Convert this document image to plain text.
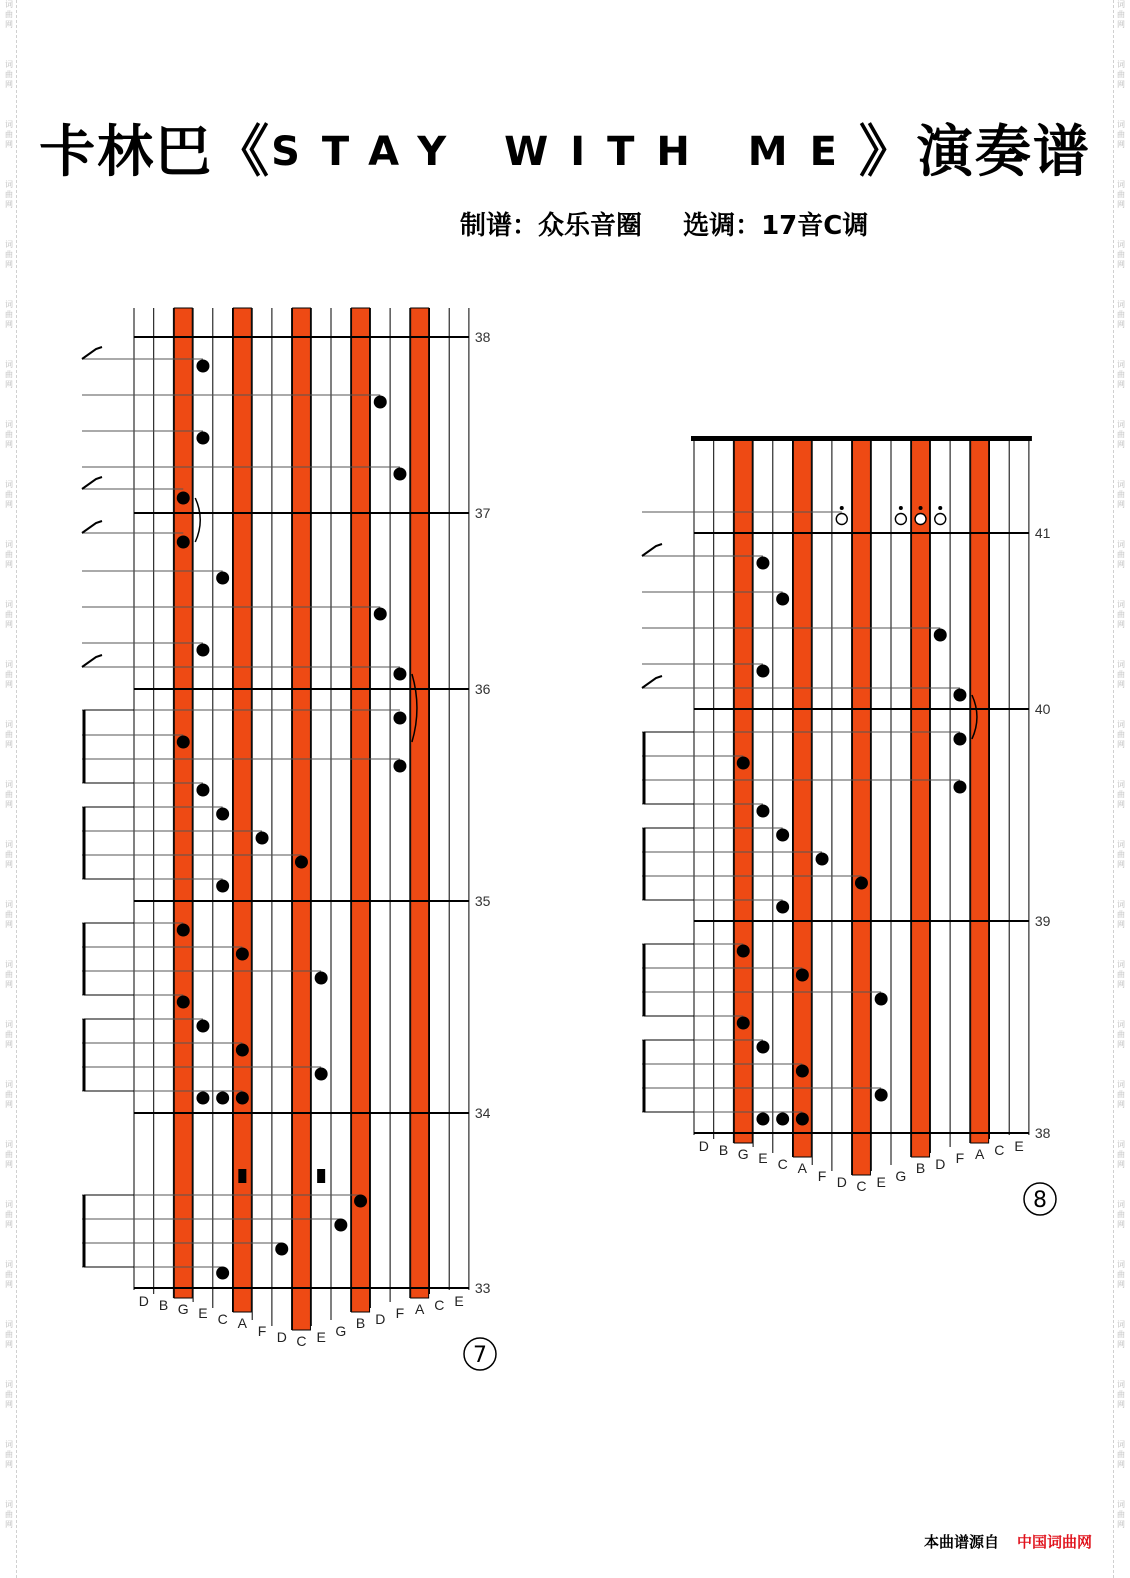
词
曲
网
词
曲
网
词
曲
网
词
曲
网
词
曲
网
词
曲
网
词
曲
网
词
曲
网
词
曲
网
词
曲
网
词
曲
网
词
曲
网
词
曲
网
词
曲
网
词
曲
网
词
曲
网
词
曲
网
词
曲
网
词
曲
网
词
曲
网
词
曲
网
词
曲
网
词
曲
网
词
曲
网
词
曲
网
词
曲
网
词
曲
网
词
曲
网
词
曲
网
词
曲
网
词
曲
网
词
曲
网
词
曲
网
词
曲
网
词
曲
网
词
曲
网
词
曲
网
词
曲
网
词
曲
网
词
曲
网
词
曲
网
词
曲
网
词
曲
网
词
曲
网
词
曲
网
词
曲
网
词
曲
网
词
曲
网
词
曲
网
词
曲
网
词
曲
网
词
曲
网
卡林巴《STAY WITH ME》演奏谱
制谱：众乐音圈 选调：17音C调
38
37
36
35
34
33
D B G E C A F D C E G B D F A C E
7
41
40
39
38
D B G E C A F D C E G B D F A C E
8
本曲谱源自 中国词曲网
